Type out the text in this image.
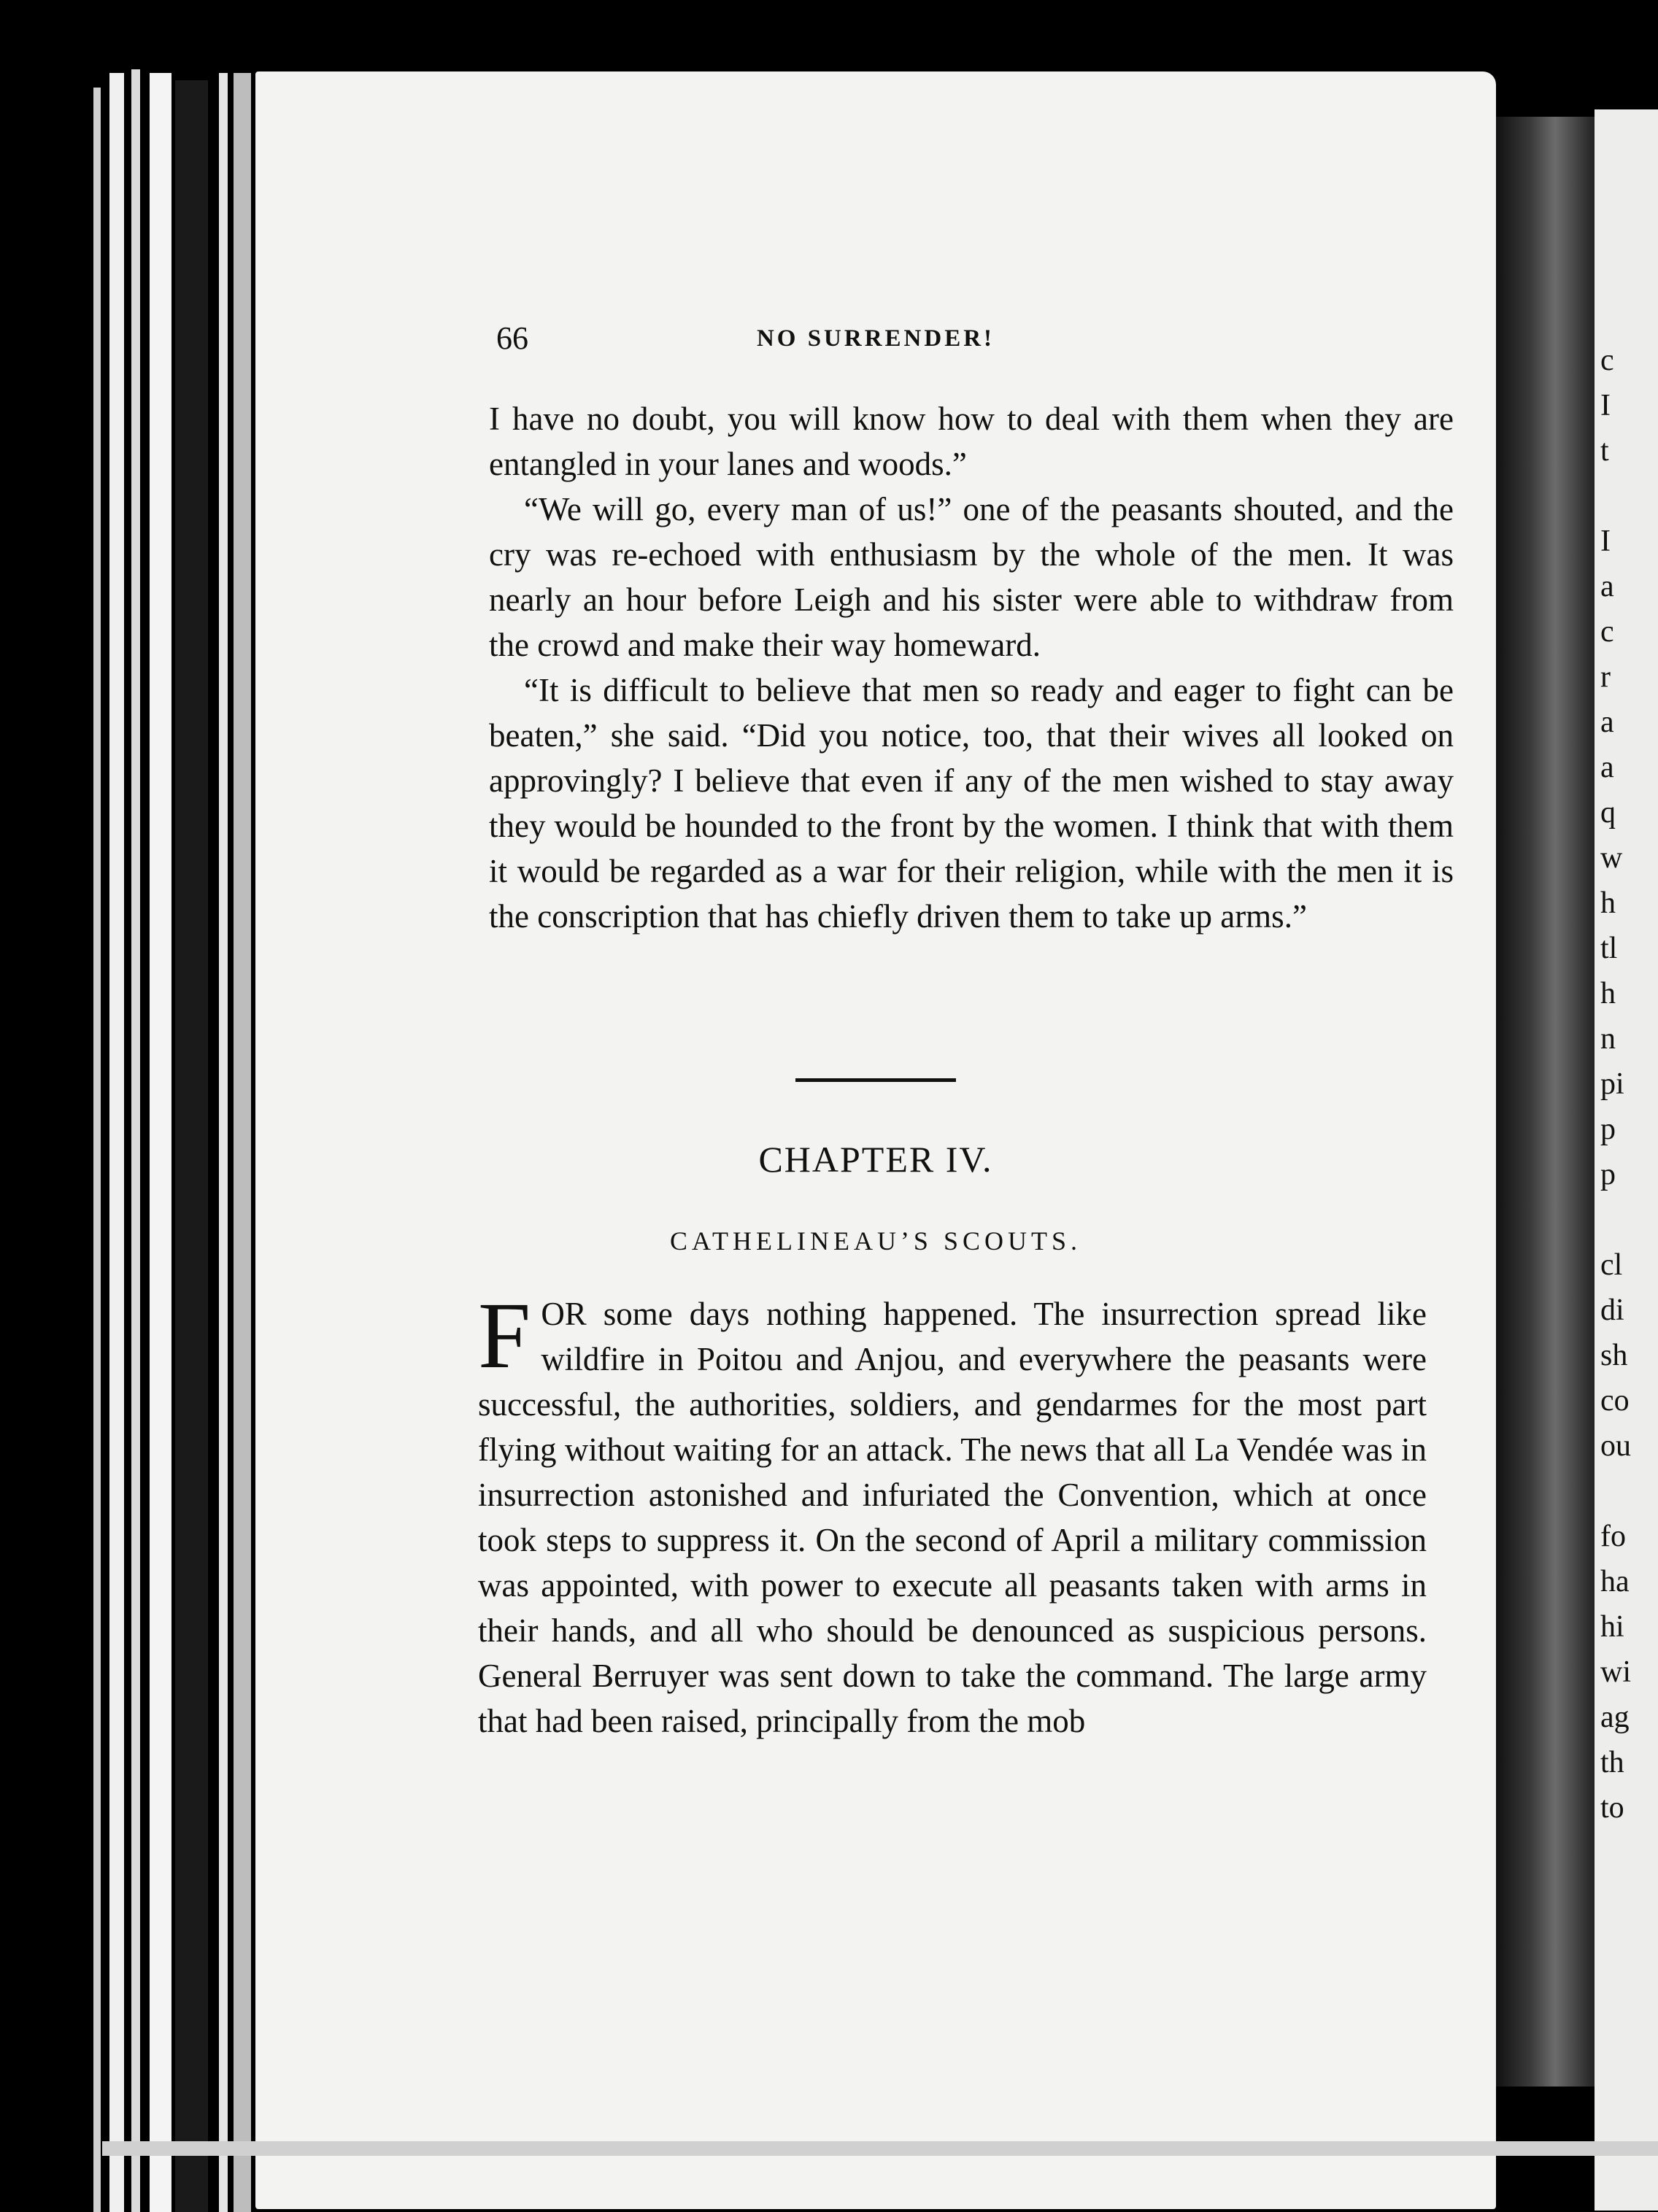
66	NO SURRENDER!

I have no doubt, you will know how to deal with them when they are entangled in your lanes and woods.”

“We will go, every man of us!” one of the peasants shouted, and the cry was re-echoed with enthusiasm by the whole of the men. It was nearly an hour before Leigh and his sister were able to withdraw from the crowd and make their way homeward.

“It is difficult to believe that men so ready and eager to fight can be beaten,” she said. “Did you notice, too, that their wives all looked on approvingly? I believe that even if any of the men wished to stay away they would be hounded to the front by the women. I think that with them it would be regarded as a war for their religion, while with the men it is the conscription that has chiefly driven them to take up arms.”

CHAPTER IV.
CATHELINEAU’S SCOUTS.

FOR some days nothing happened. The insurrection spread like wildfire in Poitou and Anjou, and everywhere the peasants were successful, the authorities, soldiers, and gendarmes for the most part flying without waiting for an attack. The news that all La Vendée was in insurrection astonished and infuriated the Convention, which at once took steps to suppress it. On the second of April a military commission was appointed, with power to execute all peasants taken with arms in their hands, and all who should be denounced as suspicious persons. General Berruyer was sent down to take the command. The large army that had been raised, principally from the mob

c
I
t
I
a
c
r
a
a
q
w
h
tl
h
n
pi
p
p
cl
di
sh
co
ou
fo
ha
hi
wi
ag
th
to
